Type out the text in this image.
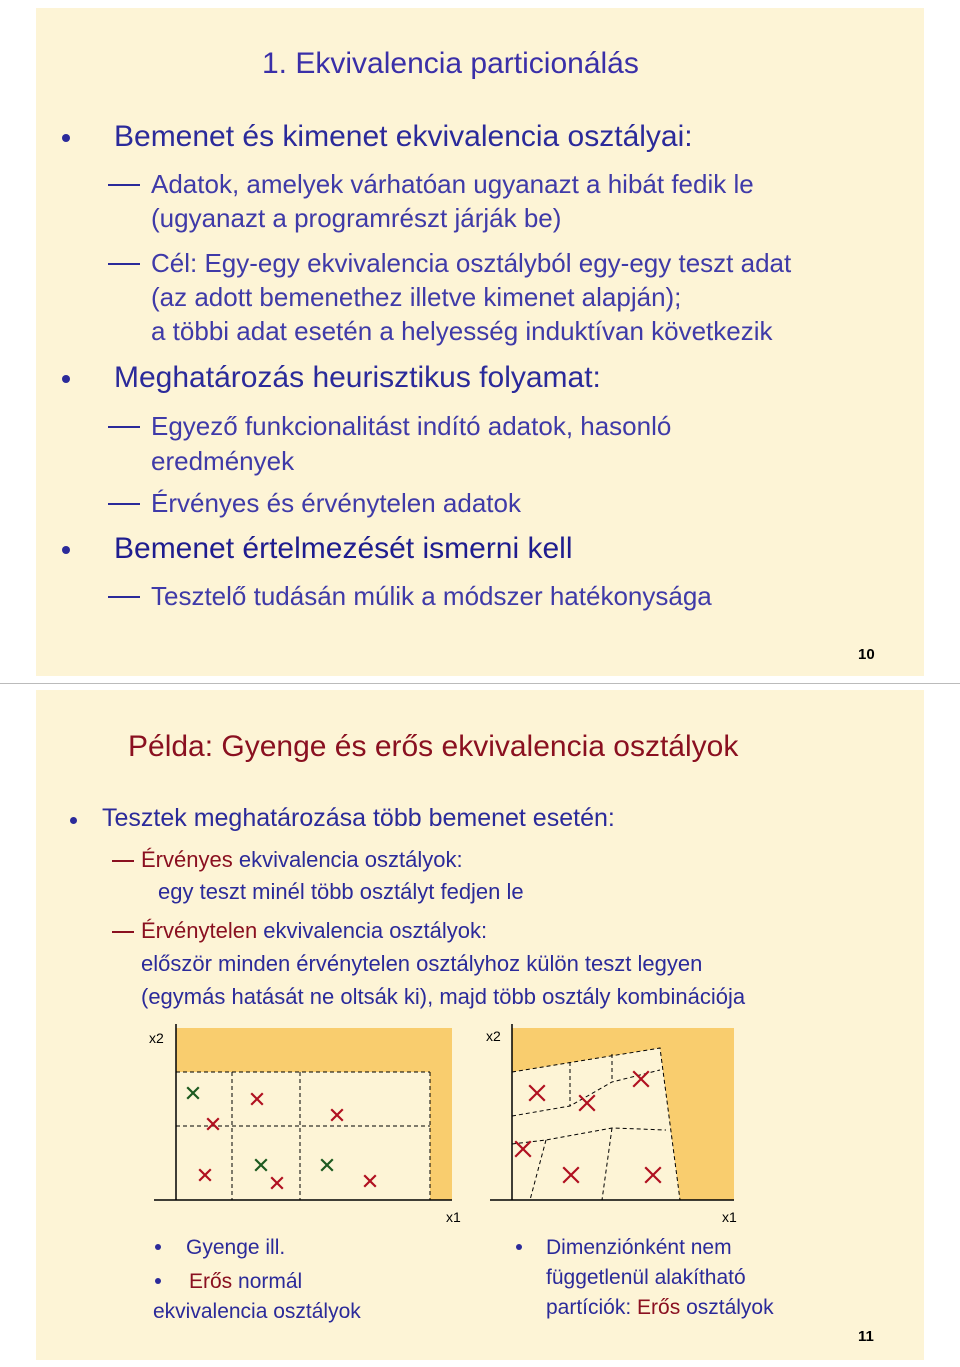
1. Ekvivalencia particionálás
Bemenet és kimenet ekvivalencia osztályai:
Adatok, amelyek várhatóan ugyanazt a hibát fedik le
(ugyanazt a programrészt járják be)
Cél: Egy-egy ekvivalencia osztályból egy-egy teszt adat
(az adott bemenethez illetve kimenet alapján);
a többi adat esetén a helyesség induktívan következik
Meghatározás heurisztikus folyamat:
Egyező funkcionalitást indító adatok, hasonló
eredmények
Érvényes és érvénytelen adatok
Bemenet értelmezését ismerni kell
Tesztelő tudásán múlik a módszer hatékonysága
10
Példa: Gyenge és erős ekvivalencia osztályok
Tesztek meghatározása több bemenet esetén:
Érvényes ekvivalencia osztályok:
egy teszt minél több osztályt fedjen le
Érvénytelen ekvivalencia osztályok:
először minden érvénytelen osztályhoz külön teszt legyen
(egymás hatását ne oltsák ki), majd több osztály kombinációja
x2
x1
Gyenge ill.
Erős normál
ekvivalencia osztályok
x2
x1
Dimenziónként nem
függetlenül alakítható
partíciók: Erős osztályok
11
